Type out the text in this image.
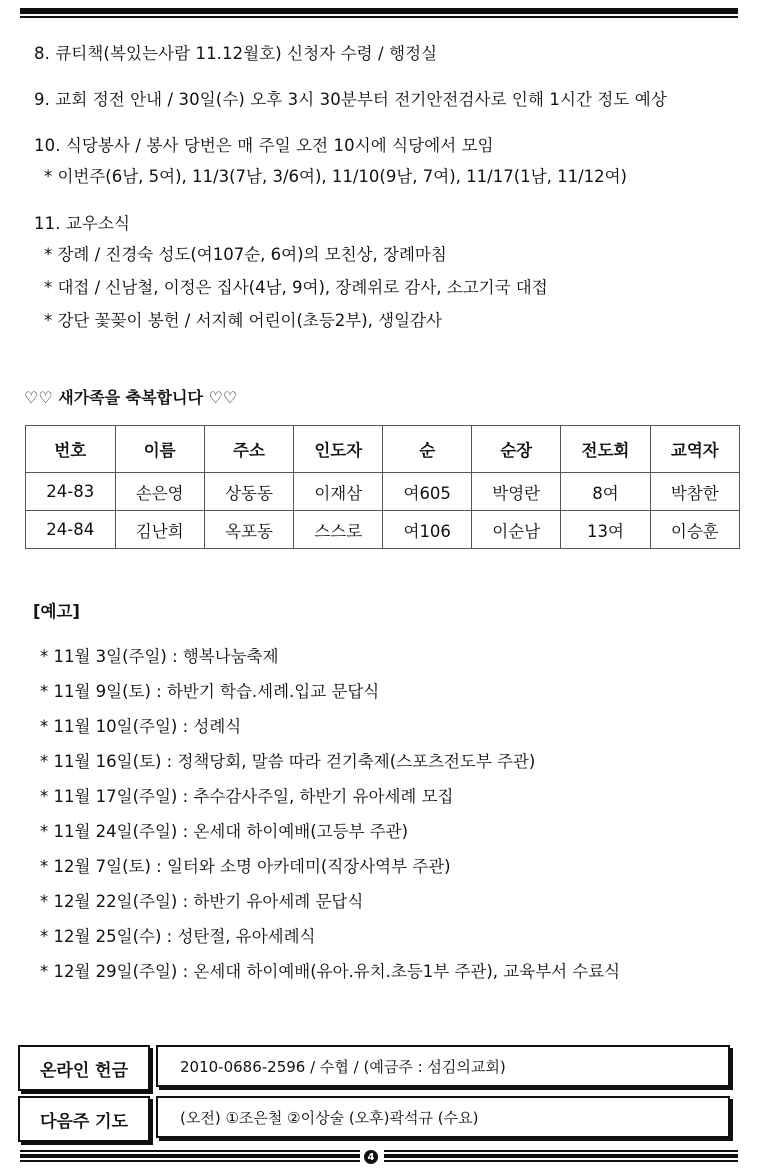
8. 큐티책(복있는사람 11.12월호) 신청자 수령 / 행정실
9. 교회 정전 안내 / 30일(수) 오후 3시 30분부터 전기안전검사로 인해 1시간 정도 예상
10. 식당봉사 / 봉사 당번은 매 주일 오전 10시에 식당에서 모임
* 이번주(6남, 5여), 11/3(7남, 3/6여), 11/10(9남, 7여), 11/17(1남, 11/12여)
11. 교우소식
* 장례 / 진경숙 성도(여107순, 6여)의 모친상, 장례마침
* 대접 / 신남철, 이정은 집사(4남, 9여), 장례위로 감사, 소고기국 대접
* 강단 꽃꽂이 봉헌 / 서지혜 어린이(초등2부), 생일감사
♡♡ 새가족을 축복합니다 ♡♡
번호	이름	주소	인도자	순	순장	전도회	교역자
24-83	손은영	상동동	이재삼	여605	박영란	8여	박참한
24-84	김난희	옥포동	스스로	여106	이순남	13여	이승훈
[예고]
* 11월 3일(주일) : 행복나눔축제
* 11월 9일(토) : 하반기 학습.세례.입교 문답식
* 11월 10일(주일) : 성례식
* 11월 16일(토) : 정책당회, 말씀 따라 걷기축제(스포츠전도부 주관)
* 11월 17일(주일) : 추수감사주일, 하반기 유아세례 모집
* 11월 24일(주일) : 온세대 하이예배(고등부 주관)
* 12월 7일(토) : 일터와 소명 아카데미(직장사역부 주관)
* 12월 22일(주일) : 하반기 유아세례 문답식
* 12월 25일(수) : 성탄절, 유아세례식
* 12월 29일(주일) : 온세대 하이예배(유아.유치.초등1부 주관), 교육부서 수료식
온라인 헌금	2010-0686-2596 / 수협 / (예금주 : 섬김의교회)
다음주 기도	(오전) ①조은철 ②이상술 (오후)곽석규 (수요)
4
